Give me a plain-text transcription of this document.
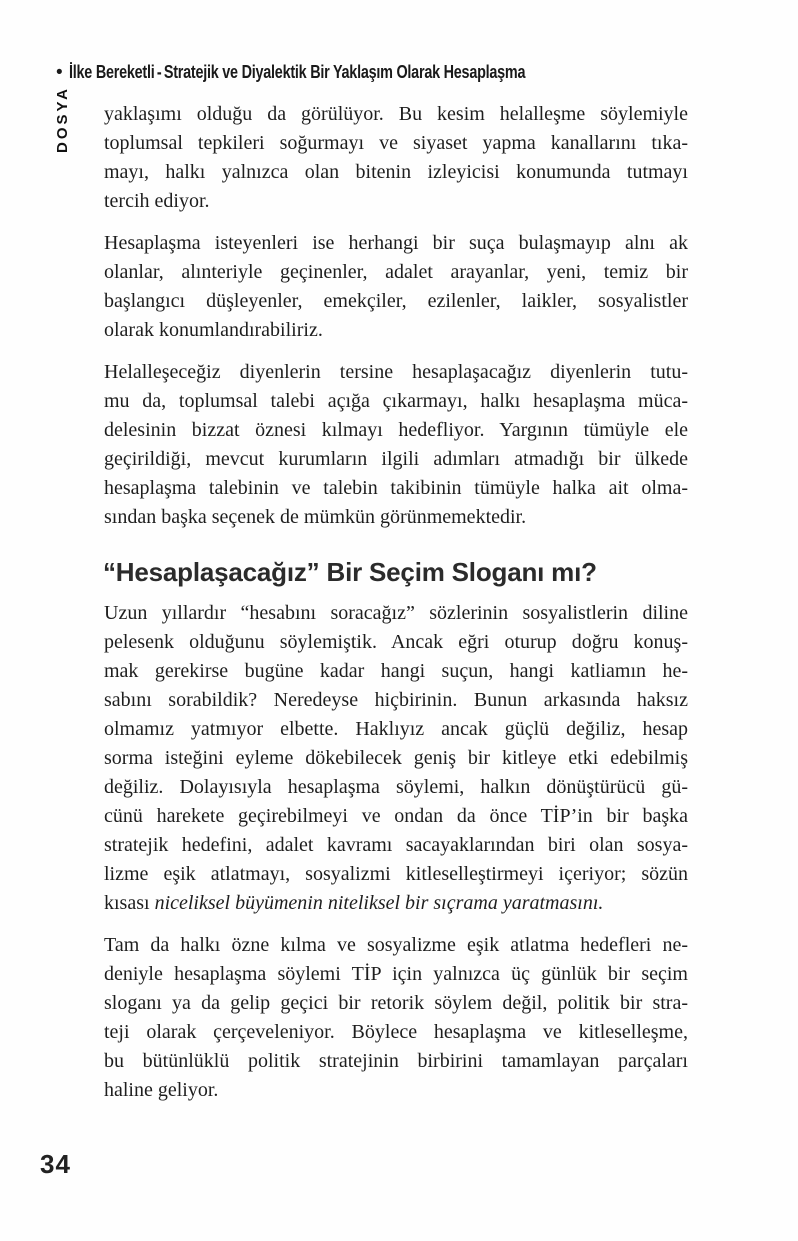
• İlke Bereketli - Stratejik ve Diyalektik Bir Yaklaşım Olarak Hesaplaşma
DOSYA yaklaşımı olduğu da görülüyor. Bu kesim helalleşme söylemiyle
toplumsal tepkileri soğurmayı ve siyaset yapma kanallarını tıka-
mayı, halkı yalnızca olan bitenin izleyicisi konumunda tutmayı
tercih ediyor.

Hesaplaşma isteyenleri ise herhangi bir suça bulaşmayıp alnı ak
olanlar, alınteriyle geçinenler, adalet arayanlar, yeni, temiz bir
başlangıcı düşleyenler, emekçiler, ezilenler, laikler, sosyalistler
olarak konumlandırabiliriz.

Helalleşeceğiz diyenlerin tersine hesaplaşacağız diyenlerin tutu-
mu da, toplumsal talebi açığa çıkarmayı, halkı hesaplaşma müca-
delesinin bizzat öznesi kılmayı hedefliyor. Yargının tümüyle ele
geçirildiği, mevcut kurumların ilgili adımları atmadığı bir ülkede
hesaplaşma talebinin ve talebin takibinin tümüyle halka ait olma-
sından başka seçenek de mümkün görünmemektedir.

“Hesaplaşacağız” Bir Seçim Sloganı mı?

Uzun yıllardır “hesabını soracağız” sözlerinin sosyalistlerin diline
pelesenk olduğunu söylemiştik. Ancak eğri oturup doğru konuş-
mak gerekirse bugüne kadar hangi suçun, hangi katliamın he-
sabını sorabildik? Neredeyse hiçbirinin. Bunun arkasında haksız
olmamız yatmıyor elbette. Haklıyız ancak güçlü değiliz, hesap
sorma isteğini eyleme dökebilecek geniş bir kitleye etki edebilmiş
değiliz. Dolayısıyla hesaplaşma söylemi, halkın dönüştürücü gü-
cünü harekete geçirebilmeyi ve ondan da önce TİP’in bir başka
stratejik hedefini, adalet kavramı sacayaklarından biri olan sosya-
lizme eşik atlatmayı, sosyalizmi kitleselleştirmeyi içeriyor; sözün
kısası niceliksel büyümenin niteliksel bir sıçrama yaratmasını.

Tam da halkı özne kılma ve sosyalizme eşik atlatma hedefleri ne-
deniyle hesaplaşma söylemi TİP için yalnızca üç günlük bir seçim
sloganı ya da gelip geçici bir retorik söylem değil, politik bir stra-
teji olarak çerçeveleniyor. Böylece hesaplaşma ve kitleselleşme,
bu bütünlüklü politik stratejinin birbirini tamamlayan parçaları
haline geliyor.

34
